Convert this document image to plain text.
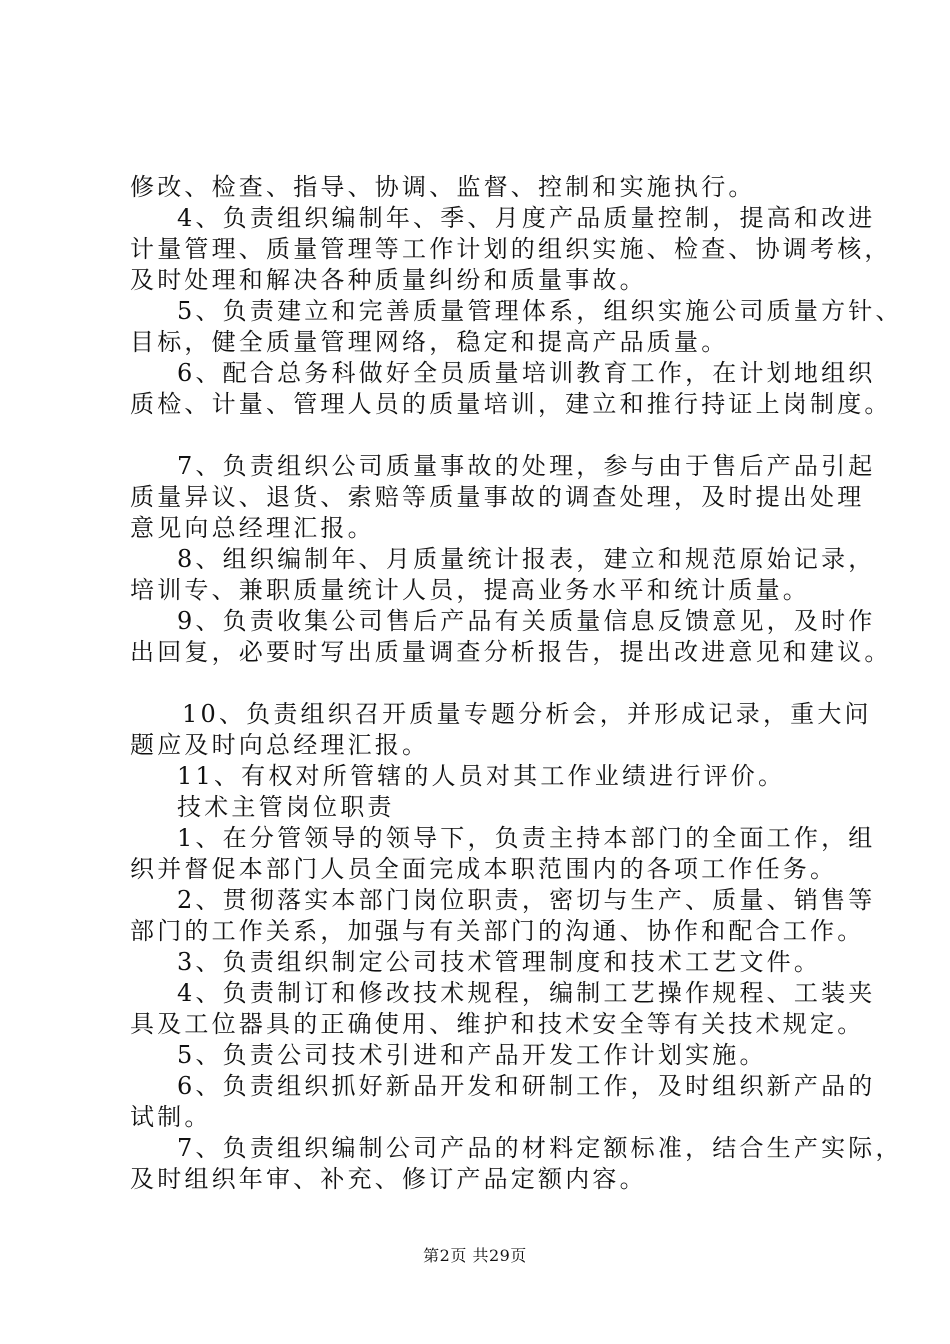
修改、检查、指导、协调、监督、控制和实施执行。
4、负责组织编制年、季、月度产品质量控制，提高和改进
计量管理、质量管理等工作计划的组织实施、检查、协调考核，
及时处理和解决各种质量纠纷和质量事故。
5、负责建立和完善质量管理体系，组织实施公司质量方针、
目标，健全质量管理网络，稳定和提高产品质量。
6、配合总务科做好全员质量培训教育工作，在计划地组织
质检、计量、管理人员的质量培训，建立和推行持证上岗制度。
7、负责组织公司质量事故的处理，参与由于售后产品引起
质量异议、退货、索赔等质量事故的调查处理，及时提出处理
意见向总经理汇报。
8、组织编制年、月质量统计报表，建立和规范原始记录，
培训专、兼职质量统计人员，提高业务水平和统计质量。
9、负责收集公司售后产品有关质量信息反馈意见，及时作
出回复，必要时写出质量调查分析报告，提出改进意见和建议。
10、负责组织召开质量专题分析会，并形成记录，重大问
题应及时向总经理汇报。
11、有权对所管辖的人员对其工作业绩进行评价。
技术主管岗位职责
1、在分管领导的领导下，负责主持本部门的全面工作，组
织并督促本部门人员全面完成本职范围内的各项工作任务。
2、贯彻落实本部门岗位职责，密切与生产、质量、销售等
部门的工作关系，加强与有关部门的沟通、协作和配合工作。
3、负责组织制定公司技术管理制度和技术工艺文件。
4、负责制订和修改技术规程，编制工艺操作规程、工装夹
具及工位器具的正确使用、维护和技术安全等有关技术规定。
5、负责公司技术引进和产品开发工作计划实施。
6、负责组织抓好新品开发和研制工作，及时组织新产品的
试制。
7、负责组织编制公司产品的材料定额标准，结合生产实际，
及时组织年审、补充、修订产品定额内容。
第2页 共29页
